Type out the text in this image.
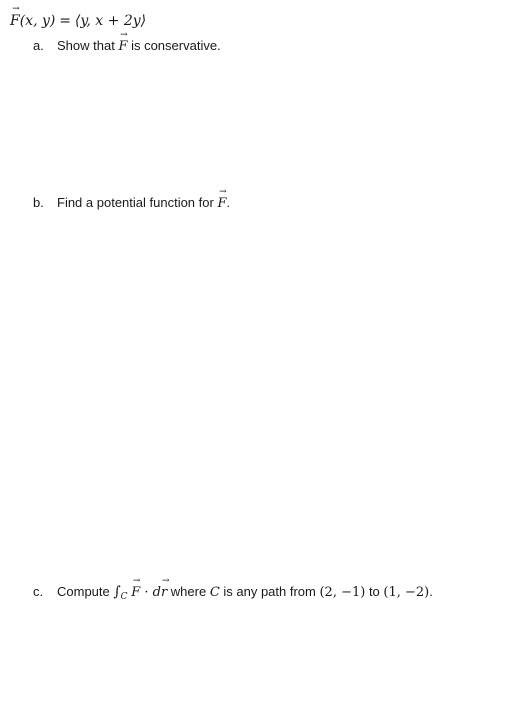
→
F(x, y) = ⟨y, x + 2y⟩
a. Show that
→
F is conservative.
b. Find a potential function for
→
F.
c. Compute $\int_C$
→
F · d
→
r where C is any path from (2, −1) to (1, −2).
